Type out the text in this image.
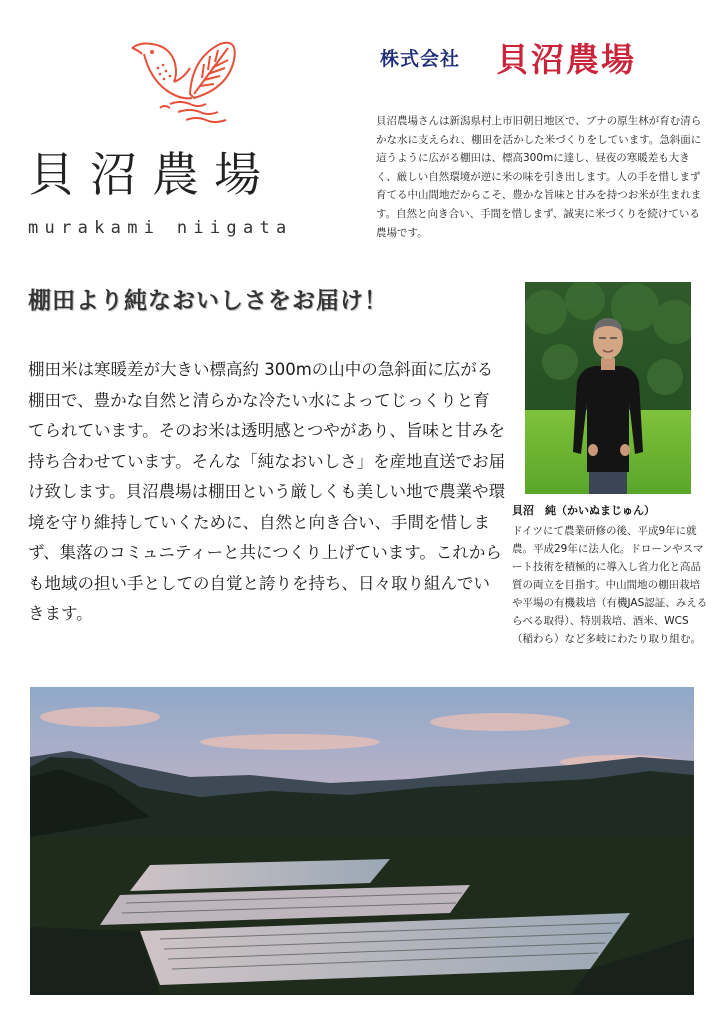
貝沼農場
murakami niigata
株式会社 貝沼農場
貝沼農場さんは新潟県村上市旧朝日地区で、ブナの原生林が育む清らかな水に支えられ、棚田を活かした米づくりをしています。急斜面に這うように広がる棚田は、標高300mに達し、昼夜の寒暖差も大きく、厳しい自然環境が逆に米の味を引き出します。人の手を惜しまず育てる中山間地だからこそ、豊かな旨味と甘みを持つお米が生まれます。自然と向き合い、手間を惜しまず、誠実に米づくりを続けている農場です。
棚田より純なおいしさをお届け！
棚田米は寒暖差が大きい標高約 300mの山中の急斜面に広がる棚田で、豊かな自然と清らかな冷たい水によってじっくりと育てられています。そのお米は透明感とつやがあり、旨味と甘みを持ち合わせています。そんな「純なおいしさ」を産地直送でお届け致します。貝沼農場は棚田という厳しくも美しい地で農業や環境を守り維持していくために、自然と向き合い、手間を惜しまず、集落のコミュニティーと共につくり上げています。これからも地域の担い手としての自覚と誇りを持ち、日々取り組んでいきます。
貝沼　純（かいぬまじゅん）
ドイツにて農業研修の後、平成9年に就農。平成29年に法人化。ドローンやスマート技術を積極的に導入し省力化と高品質の両立を目指す。中山間地の棚田栽培や平場の有機栽培（有機JAS認証、みえるらべる取得）、特別栽培、酒米、WCS（稲わら）など多岐にわたり取り組む。
